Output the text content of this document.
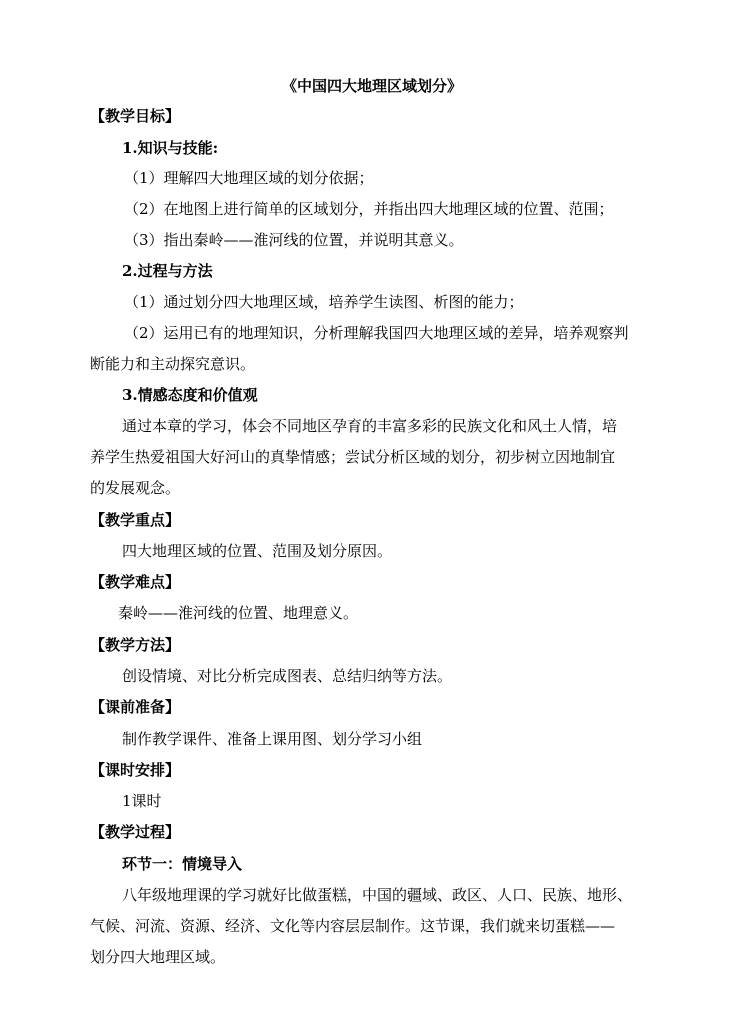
《中国四大地理区域划分》
【教学目标】
1.知识与技能:
（1）理解四大地理区域的划分依据；
（2）在地图上进行简单的区域划分，并指出四大地理区域的位置、范围；
（3）指出秦岭——淮河线的位置，并说明其意义。
2.过程与方法
（1）通过划分四大地理区域，培养学生读图、析图的能力；
（2）运用已有的地理知识，分析理解我国四大地理区域的差异，培养观察判
断能力和主动探究意识。
3.情感态度和价值观
通过本章的学习，体会不同地区孕育的丰富多彩的民族文化和风土人情，培
养学生热爱祖国大好河山的真挚情感；尝试分析区域的划分，初步树立因地制宜
的发展观念。
【教学重点】
四大地理区域的位置、范围及划分原因。
【教学难点】
秦岭——淮河线的位置、地理意义。
【教学方法】
创设情境、对比分析完成图表、总结归纳等方法。
【课前准备】
制作教学课件、准备上课用图、划分学习小组
【课时安排】
1课时
【教学过程】
环节一：情境导入
八年级地理课的学习就好比做蛋糕，中国的疆域、政区、人口、民族、地形、
气候、河流、资源、经济、文化等内容层层制作。这节课，我们就来切蛋糕——
划分四大地理区域。
